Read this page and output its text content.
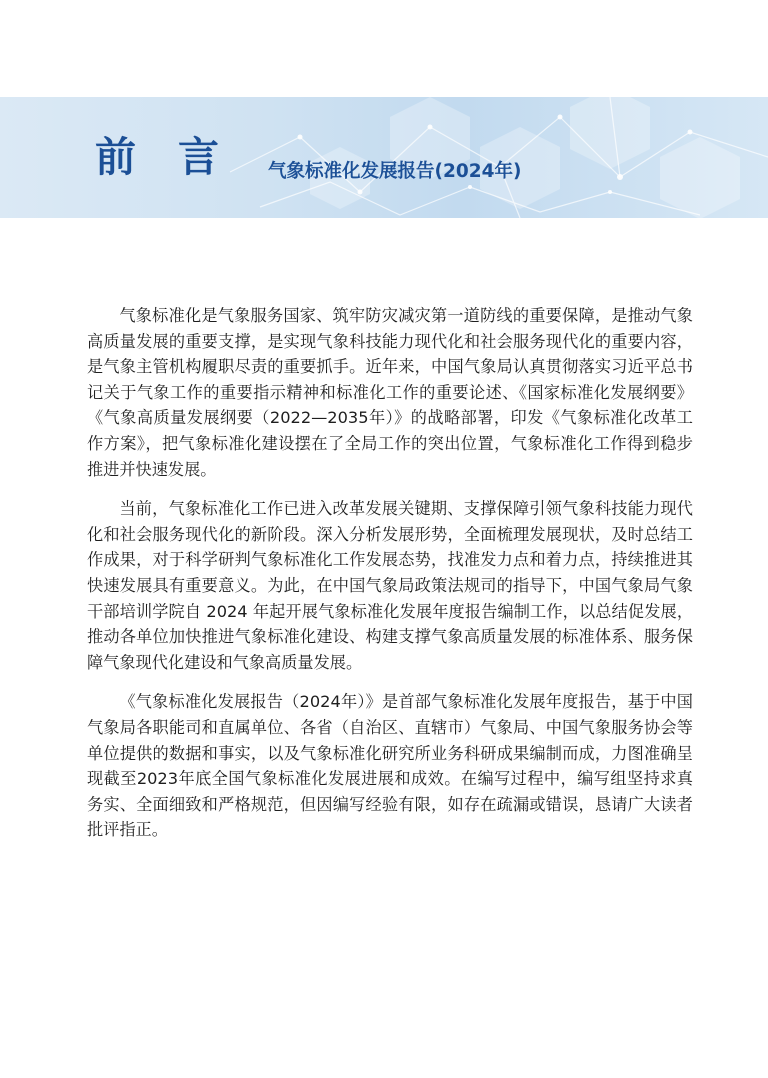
前言 气象标准化发展报告(2024年)

气象标准化是气象服务国家、筑牢防灾减灾第一道防线的重要保障，是推动气象高质量发展的重要支撑，是实现气象科技能力现代化和社会服务现代化的重要内容，是气象主管机构履职尽责的重要抓手。近年来，中国气象局认真贯彻落实习近平总书记关于气象工作的重要指示精神和标准化工作的重要论述、《国家标准化发展纲要》《气象高质量发展纲要（2022—2035年）》的战略部署，印发《气象标准化改革工作方案》，把气象标准化建设摆在了全局工作的突出位置，气象标准化工作得到稳步推进并快速发展。

当前，气象标准化工作已进入改革发展关键期、支撑保障引领气象科技能力现代化和社会服务现代化的新阶段。深入分析发展形势，全面梳理发展现状，及时总结工作成果，对于科学研判气象标准化工作发展态势，找准发力点和着力点，持续推进其快速发展具有重要意义。为此，在中国气象局政策法规司的指导下，中国气象局气象干部培训学院自 2024 年起开展气象标准化发展年度报告编制工作，以总结促发展，推动各单位加快推进气象标准化建设、构建支撑气象高质量发展的标准体系、服务保障气象现代化建设和气象高质量发展。

《气象标准化发展报告（2024年）》是首部气象标准化发展年度报告，基于中国气象局各职能司和直属单位、各省（自治区、直辖市）气象局、中国气象服务协会等单位提供的数据和事实，以及气象标准化研究所业务科研成果编制而成，力图准确呈现截至2023年底全国气象标准化发展进展和成效。在编写过程中，编写组坚持求真务实、全面细致和严格规范，但因编写经验有限，如存在疏漏或错误，恳请广大读者批评指正。
